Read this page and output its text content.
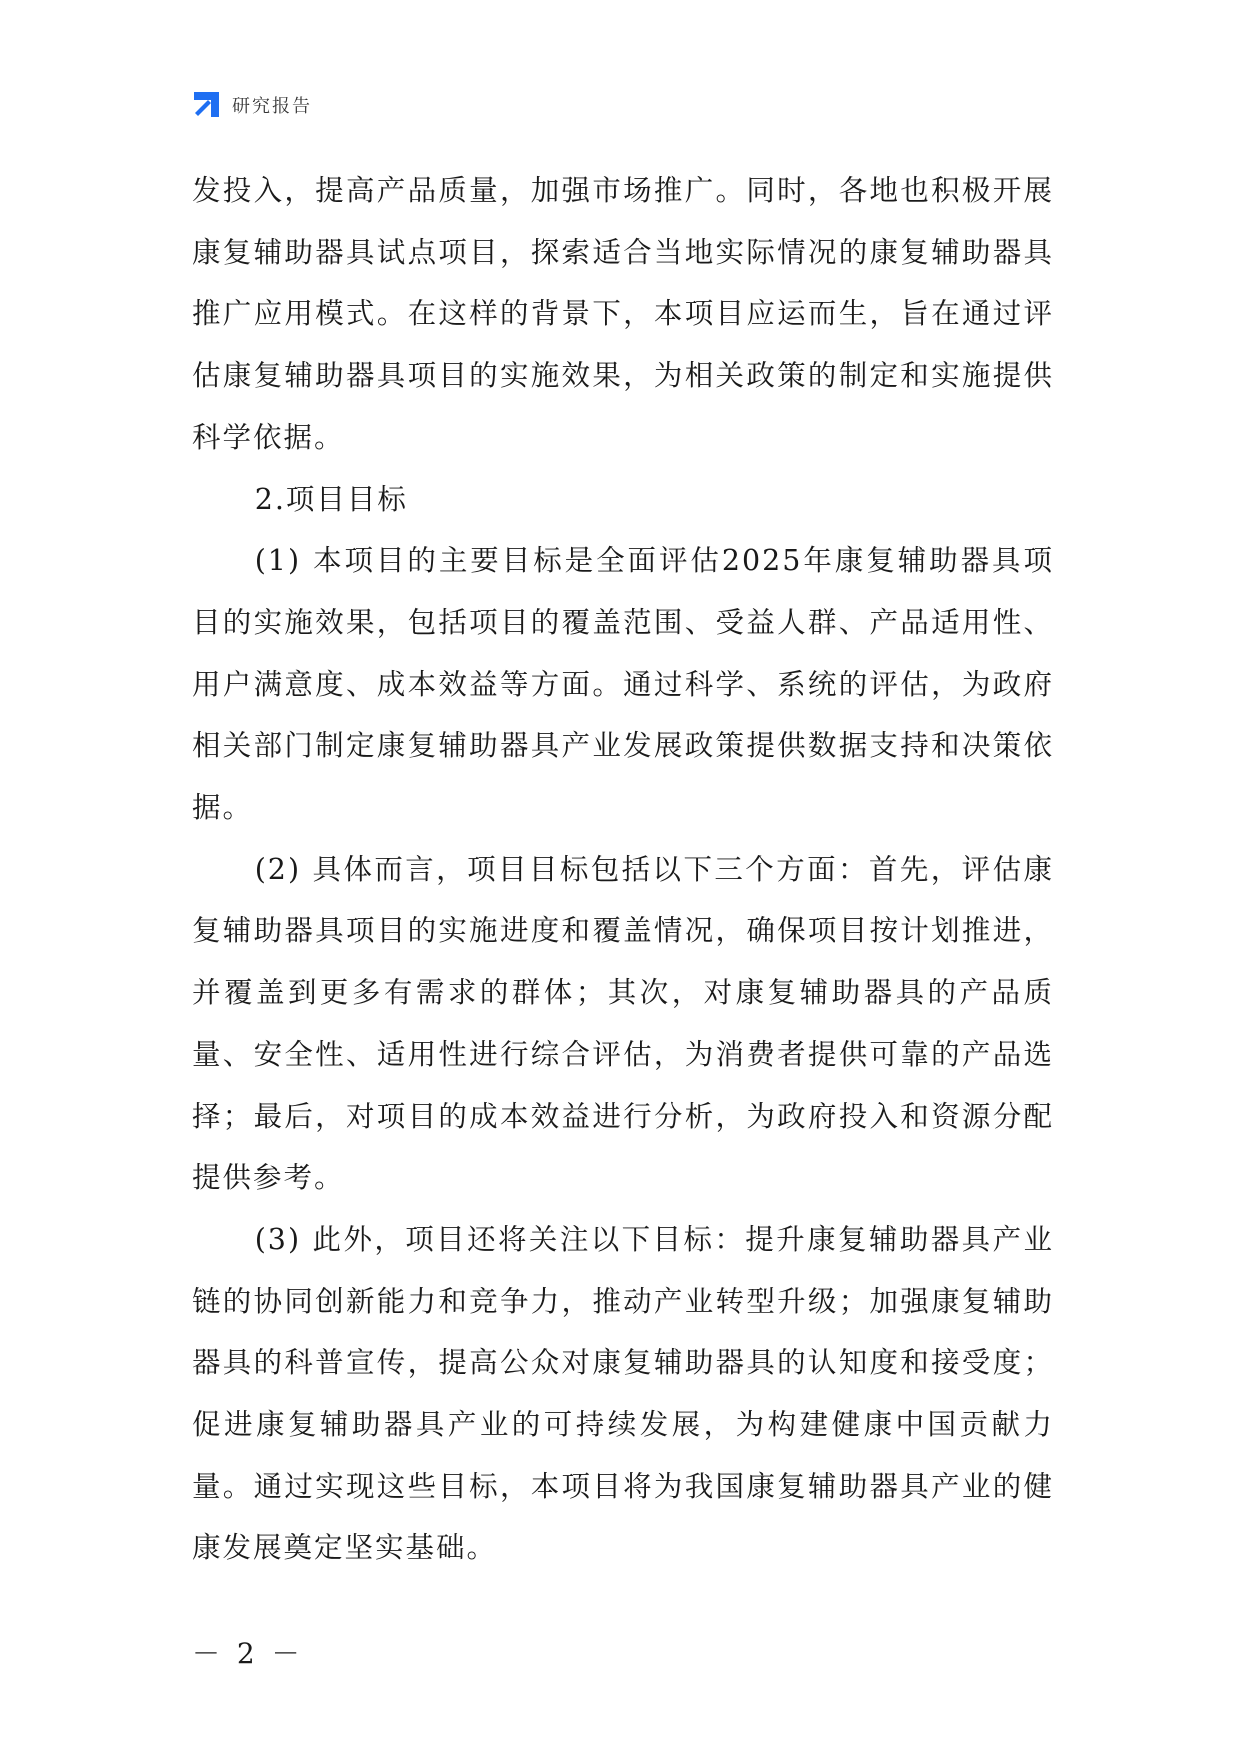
研究报告

发投入，提高产品质量，加强市场推广。同时，各地也积极开展康复辅助器具试点项目，探索适合当地实际情况的康复辅助器具推广应用模式。在这样的背景下，本项目应运而生，旨在通过评估康复辅助器具项目的实施效果，为相关政策的制定和实施提供科学依据。

2.项目目标

(1) 本项目的主要目标是全面评估2025年康复辅助器具项目的实施效果，包括项目的覆盖范围、受益人群、产品适用性、用户满意度、成本效益等方面。通过科学、系统的评估，为政府相关部门制定康复辅助器具产业发展政策提供数据支持和决策依据。

(2) 具体而言，项目目标包括以下三个方面：首先，评估康复辅助器具项目的实施进度和覆盖情况，确保项目按计划推进，并覆盖到更多有需求的群体；其次，对康复辅助器具的产品质量、安全性、适用性进行综合评估，为消费者提供可靠的产品选择；最后，对项目的成本效益进行分析，为政府投入和资源分配提供参考。

(3) 此外，项目还将关注以下目标：提升康复辅助器具产业链的协同创新能力和竞争力，推动产业转型升级；加强康复辅助器具的科普宣传，提高公众对康复辅助器具的认知度和接受度；促进康复辅助器具产业的可持续发展，为构建健康中国贡献力量。通过实现这些目标，本项目将为我国康复辅助器具产业的健康发展奠定坚实基础。

－ 2 －
